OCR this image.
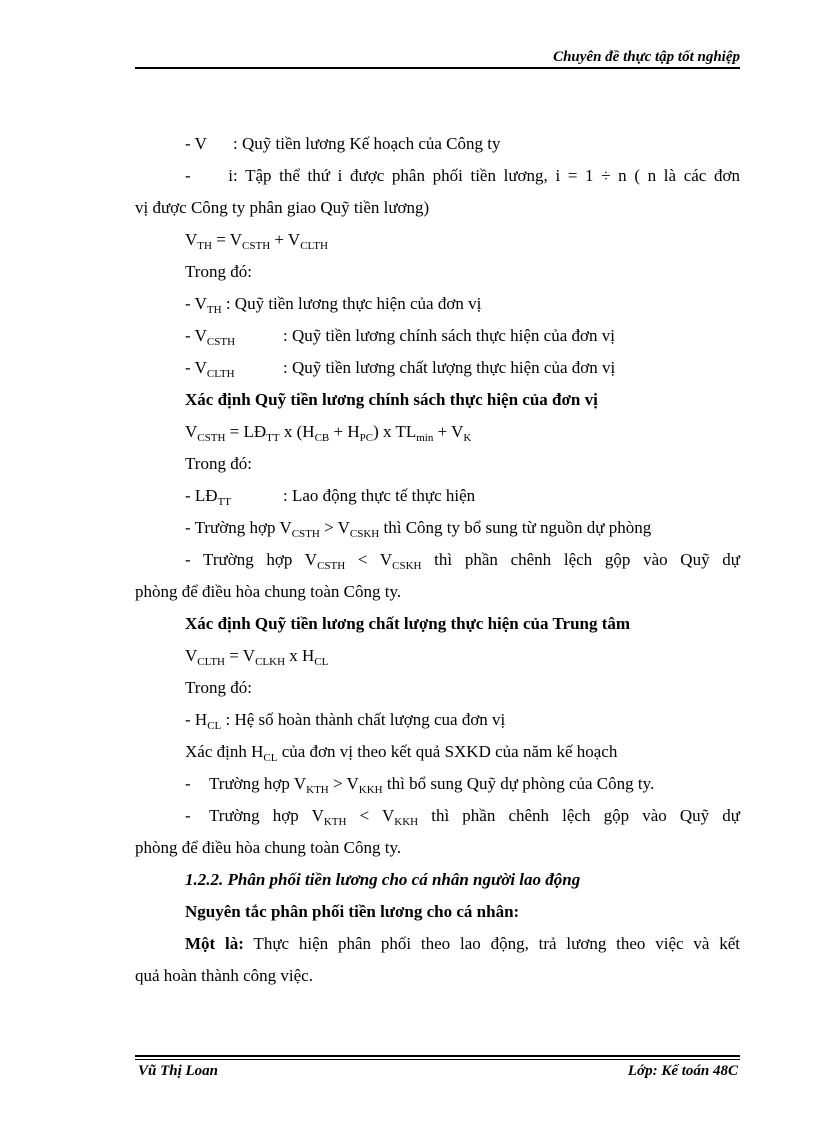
Chuyên đề thực tập tốt nghiệp
- V : Quỹ tiền lương Kế hoạch của Công ty
- i: Tập thể thứ i được phân phối tiền lương, i = 1 ÷ n ( n là các đơn
vị được Công ty phân giao Quỹ tiền lương)
$V_{TH} = V_{CSTH} + V_{CLTH}$
Trong đó:
- $V_{TH}$ : Quỹ tiền lương thực hiện của đơn vị
- $V_{CSTH}$	: Quỹ tiền lương chính sách thực hiện của đơn vị
- $V_{CLTH}$	: Quỹ tiền lương chất lượng thực hiện của đơn vị
Xác định Quỹ tiền lương chính sách thực hiện của đơn vị
$V_{CSTH}$ = $LĐ_{TT}$ x $(H_{CB} + H_{PC})$ x $TL_{min} + V_K$
Trong đó:
- $LĐ_{TT}$	: Lao động thực tế thực hiện
- Trường hợp $V_{CSTH} > V_{CSKH}$ thì Công ty bổ sung từ nguồn dự phòng
- Trường hợp $V_{CSTH} < V_{CSKH}$ thì phần chênh lệch gộp vào Quỹ dự
phòng để điều hòa chung toàn Công ty.
Xác định Quỹ tiền lương chất lượng thực hiện của Trung tâm
$V_{CLTH} = V_{CLKH}$ x $H_{CL}$
Trong đó:
- $H_{CL}$ : Hệ số hoàn thành chất lượng cua đơn vị
Xác định $H_{CL}$ của đơn vị theo kết quả SXKD của năm kế hoạch
- Trường hợp $V_{KTH} > V_{KKH}$ thì bổ sung Quỹ dự phòng của Công ty.
- Trường hợp $V_{KTH} < V_{KKH}$ thì phần chênh lệch gộp vào Quỹ dự
phòng để điều hòa chung toàn Công ty.
1.2.2. Phân phối tiền lương cho cá nhân người lao động
Nguyên tắc phân phối tiền lương cho cá nhân:
Một là: Thực hiện phân phối theo lao động, trả lương theo việc và kết
quả hoàn thành công việc.
Vũ Thị Loan	Lớp: Kế toán 48C
